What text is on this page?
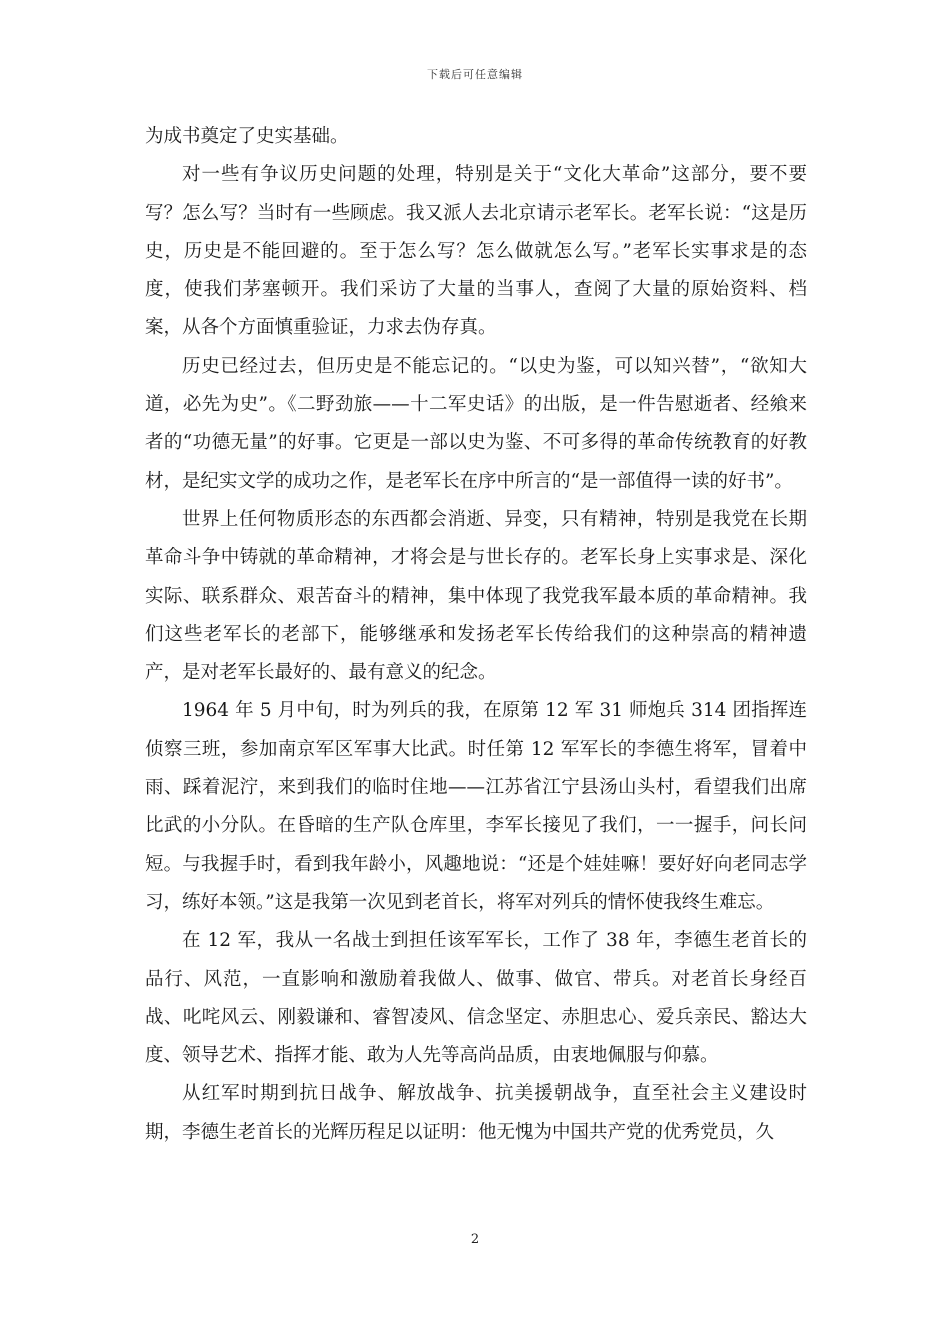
下载后可任意编辑

为成书奠定了史实基础。

对一些有争议历史问题的处理，特别是关于“文化大革命”这部分，要不要写？怎么写？当时有一些顾虑。我又派人去北京请示老军长。老军长说：“这是历史，历史是不能回避的。至于怎么写？怎么做就怎么写。”老军长实事求是的态度，使我们茅塞顿开。我们采访了大量的当事人，查阅了大量的原始资料、档案，从各个方面慎重验证，力求去伪存真。

历史已经过去，但历史是不能忘记的。“以史为鉴，可以知兴替”，“欲知大道，必先为史”。《二野劲旅——十二军史话》的出版，是一件告慰逝者、经飨来者的“功德无量”的好事。它更是一部以史为鉴、不可多得的革命传统教育的好教材，是纪实文学的成功之作，是老军长在序中所言的“是一部值得一读的好书”。

世界上任何物质形态的东西都会消逝、异变，只有精神，特别是我党在长期革命斗争中铸就的革命精神，才将会是与世长存的。老军长身上实事求是、深化实际、联系群众、艰苦奋斗的精神，集中体现了我党我军最本质的革命精神。我们这些老军长的老部下，能够继承和发扬老军长传给我们的这种崇高的精神遗产，是对老军长最好的、最有意义的纪念。

1964 年 5 月中旬，时为列兵的我，在原第 12 军 31 师炮兵 314 团指挥连侦察三班，参加南京军区军事大比武。时任第 12 军军长的李德生将军，冒着中雨、踩着泥泞，来到我们的临时住地——江苏省江宁县汤山头村，看望我们出席比武的小分队。在昏暗的生产队仓库里，李军长接见了我们，一一握手，问长问短。与我握手时，看到我年龄小，风趣地说：“还是个娃娃嘛！要好好向老同志学习，练好本领。”这是我第一次见到老首长，将军对列兵的情怀使我终生难忘。

在 12 军，我从一名战士到担任该军军长，工作了 38 年，李德生老首长的品行、风范，一直影响和激励着我做人、做事、做官、带兵。对老首长身经百战、叱咤风云、刚毅谦和、睿智凌风、信念坚定、赤胆忠心、爱兵亲民、豁达大度、领导艺术、指挥才能、敢为人先等高尚品质，由衷地佩服与仰慕。

从红军时期到抗日战争、解放战争、抗美援朝战争，直至社会主义建设时期，李德生老首长的光辉历程足以证明：他无愧为中国共产党的优秀党员，久

2
